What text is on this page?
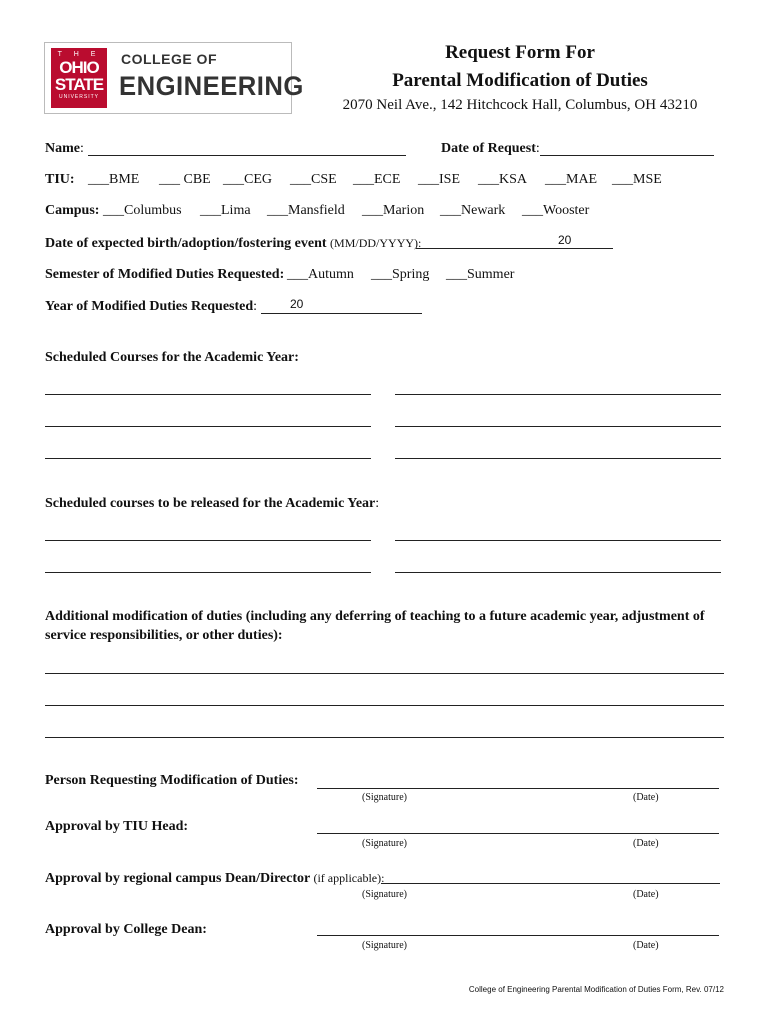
T H E
OHIO
STATE
UNIVERSITY
COLLEGE OF
ENGINEERING
Request Form For
Parental Modification of Duties
2070 Neil Ave., 142 Hitchcock Hall, Columbus, OH 43210
Name:	Date of Request:
TIU: ___BME ___ CBE ___CEG ___CSE ___ECE ___ISE ___KSA ___MAE ___MSE
Campus: ___Columbus ___Lima ___Mansfield ___Marion ___Newark ___Wooster
Date of expected birth/adoption/fostering event (MM/DD/YYYY):	20
Semester of Modified Duties Requested: ___Autumn ___Spring ___Summer
Year of Modified Duties Requested:	20
Scheduled Courses for the Academic Year:
Scheduled courses to be released for the Academic Year:
Additional modification of duties (including any deferring of teaching to a future academic year, adjustment of
service responsibilities, or other duties):
Person Requesting Modification of Duties:
(Signature)	(Date)
Approval by TIU Head:
(Signature)	(Date)
Approval by regional campus Dean/Director (if applicable):
(Signature)	(Date)
Approval by College Dean:
(Signature)	(Date)
College of Engineering Parental Modification of Duties Form, Rev. 07/12
